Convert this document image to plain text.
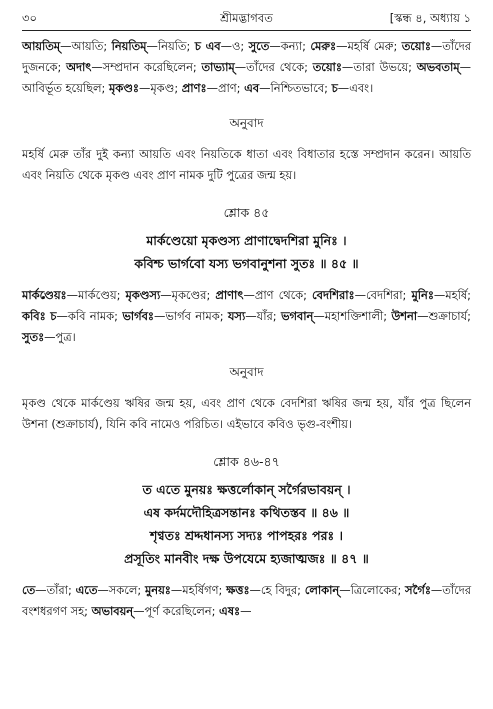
৩০	শ্রীমদ্ভাগবত	[স্কন্ধ ৪, অধ্যায় ১

আয়তিম্—আয়তি; নিয়তিম্—নিয়তি; চ এব—ও; সুতে—কন্যা; মেরুঃ—মহর্ষি মেরু; তয়োঃ—তাঁদের দুজনকে; অদাৎ—সম্প্রদান করেছিলেন; তাভ্যাম্—তাঁদের থেকে; তয়োঃ—তারা উভয়ে; অভবতাম্—আবির্ভূত হয়েছিল; মৃকণ্ডঃ—মৃকণ্ড; প্রাণঃ—প্রাণ; এব—নিশ্চিতভাবে; চ—এবং।

অনুবাদ

মহর্ষি মেরু তাঁর দুই কন্যা আয়তি এবং নিয়তিকে ধাতা এবং বিধাতার হস্তে সম্প্রদান করেন। আয়তি এবং নিয়তি থেকে মৃকণ্ড এবং প্রাণ নামক দুটি পুত্রের জন্ম হয়।

শ্লোক ৪৫
মার্কণ্ডেয়ো মৃকণ্ডস্য প্রাণাদ্বেদশিরা মুনিঃ ।
কবিশ্চ ভার্গবো যস্য ভগবানুশনা সুতঃ ॥ ৪৫ ॥

মার্কণ্ডেয়ঃ—মার্কণ্ডেয়; মৃকণ্ডস্য—মৃকণ্ডের; প্রাণাৎ—প্রাণ থেকে; বেদশিরাঃ—বেদশিরা; মুনিঃ—মহর্ষি; কবিঃ চ—কবি নামক; ভার্গবঃ—ভার্গব নামক; যস্য—যাঁর; ভগবান্—মহাশক্তিশালী; উশনা—শুক্রাচার্য; সুতঃ—পুত্র।

অনুবাদ

মৃকণ্ড থেকে মার্কণ্ডেয় ঋষির জন্ম হয়, এবং প্রাণ থেকে বেদশিরা ঋষির জন্ম হয়, যাঁর পুত্র ছিলেন উশনা (শুক্রাচার্য), যিনি কবি নামেও পরিচিত। এইভাবে কবিও ভৃগু-বংশীয়।

শ্লোক ৪৬-৪৭
ত এতে মুনয়ঃ ক্ষত্তর্লোকান্ সর্গৈরভাবয়ন্ ।
এষ কর্দমদৌহিত্রসন্তানঃ কথিতস্তব ॥ ৪৬ ॥
শৃণ্বতঃ শ্রদ্দধানস্য সদ্যঃ পাপহরঃ পরঃ ।
প্রসূতিং মানবীং দক্ষ উপযেমে হ্যজাত্মজঃ ॥ ৪৭ ॥

তে—তাঁরা; এতে—সকলে; মুনয়ঃ—মহর্ষিগণ; ক্ষত্তঃ—হে বিদুর; লোকান্—ত্রিলোকের; সর্গৈঃ—তাঁদের বংশধরগণ সহ; অভাবয়ন্—পূর্ণ করেছিলেন; এষঃ—
